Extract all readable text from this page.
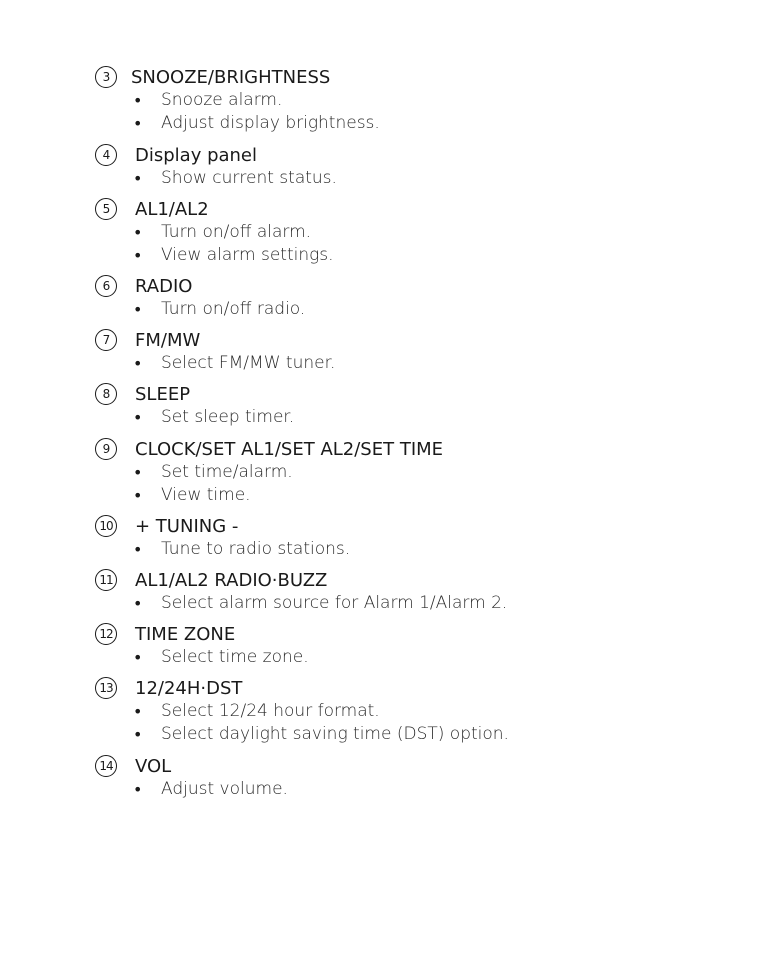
3	SNOOZE/BRIGHTNESS
•	Snooze alarm.
•	Adjust display brightness.
4	Display panel
•	Show current status.
5	AL1/AL2
•	Turn on/off alarm.
•	View alarm settings.
6	RADIO
•	Turn on/off radio.
7	FM/MW
•	Select FM/MW tuner.
8	SLEEP
•	Set sleep timer.
9	CLOCK/SET AL1/SET AL2/SET TIME
•	Set time/alarm.
•	View time.
10 + TUNING -
•	Tune to radio stations.
11 AL1/AL2 RADIO·BUZZ
•	Select alarm source for Alarm 1/Alarm 2.
12 TIME ZONE
•	Select time zone.
13 12/24H·DST
•	Select 12/24 hour format.
•	Select daylight saving time (DST) option.
14 VOL
•	Adjust volume.
